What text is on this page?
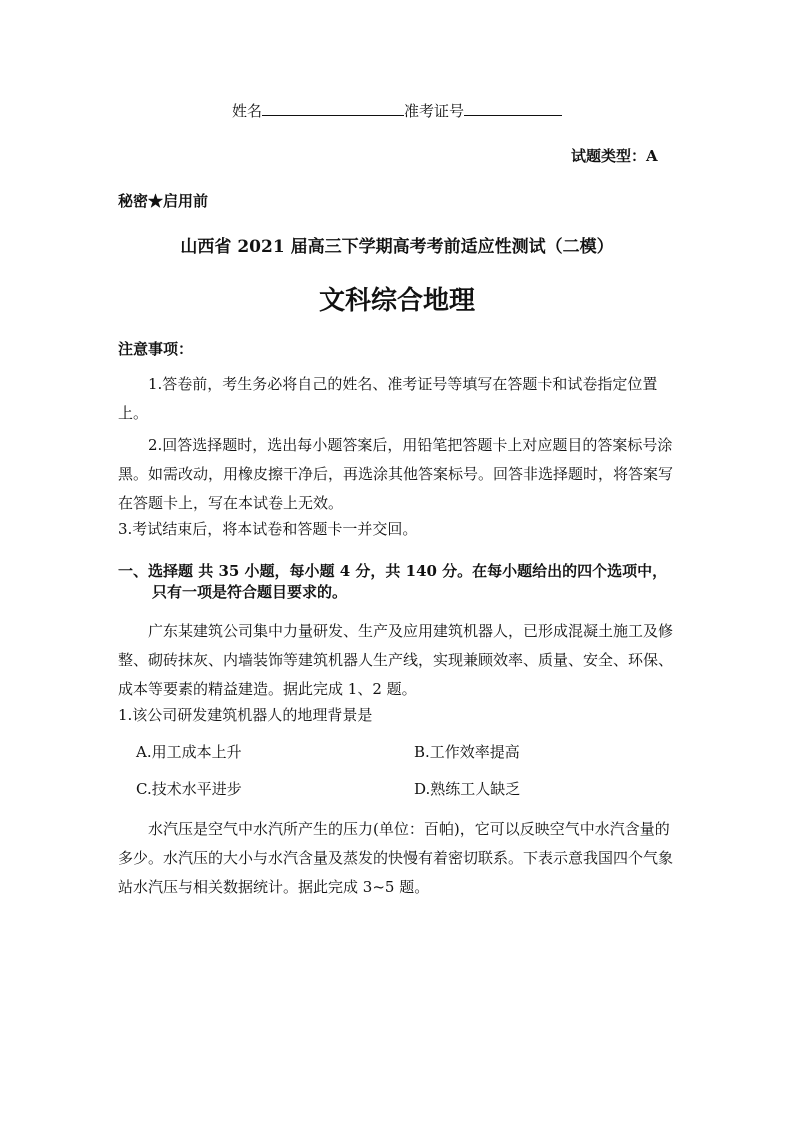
姓名	准考证号
试题类型：A
秘密★启用前
山西省 2021 届高三下学期高考考前适应性测试（二模）
文科综合地理
注意事项：
1.答卷前，考生务必将自己的姓名、准考证号等填写在答题卡和试卷指定位置上。
2.回答选择题时，选出每小题答案后，用铅笔把答题卡上对应题目的答案标号涂黑。如需改动，用橡皮擦干净后，再选涂其他答案标号。回答非选择题时，将答案写在答题卡上，写在本试卷上无效。
3.考试结束后，将本试卷和答题卡一并交回。
一、选择题 共 35 小题，每小题 4 分，共 140 分。在每小题给出的四个选项中，
只有一项是符合题目要求的。
广东某建筑公司集中力量研发、生产及应用建筑机器人，已形成混凝土施工及修整、砌砖抹灰、内墙装饰等建筑机器人生产线，实现兼顾效率、质量、安全、环保、成本等要素的精益建造。据此完成 1、2 题。
1.该公司研发建筑机器人的地理背景是
A.用工成本上升	B.工作效率提高
C.技术水平进步	D.熟练工人缺乏
水汽压是空气中水汽所产生的压力(单位：百帕)，它可以反映空气中水汽含量的多少。水汽压的大小与水汽含量及蒸发的快慢有着密切联系。下表示意我国四个气象站水汽压与相关数据统计。据此完成 3~5 题。
